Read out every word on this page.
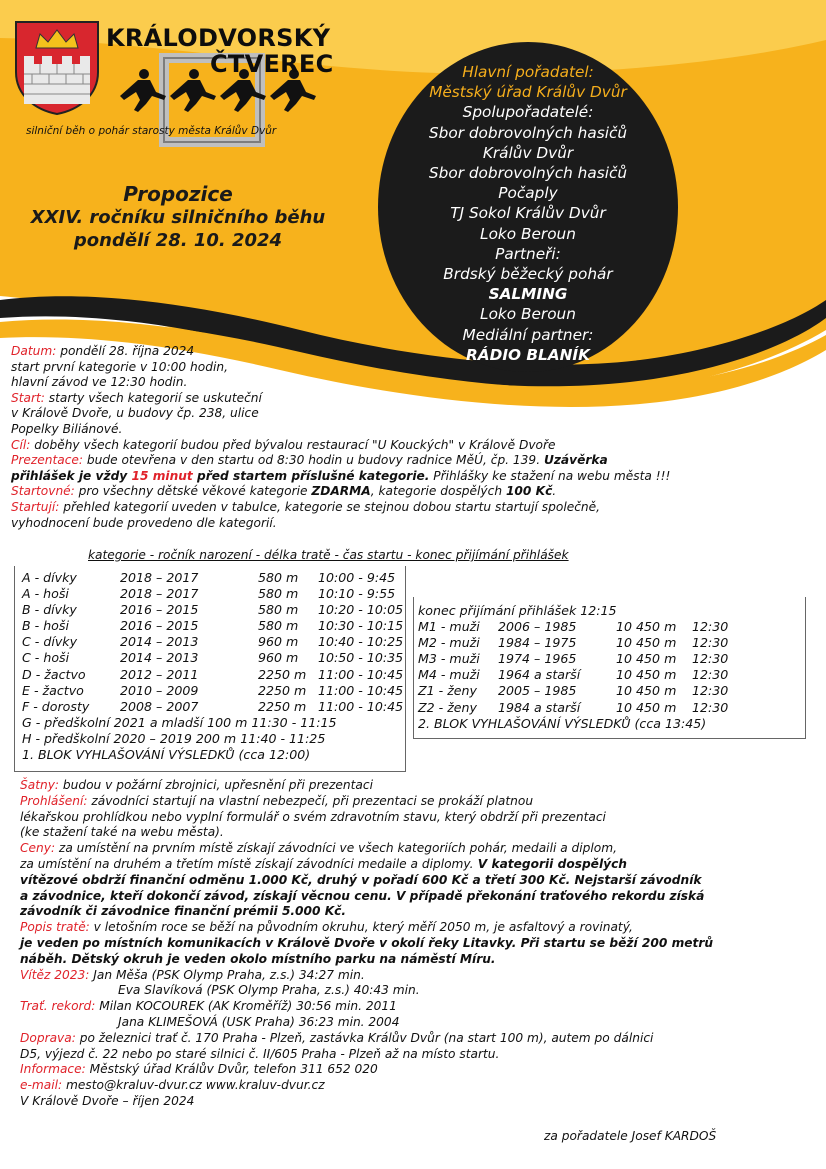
KRÁLODVORSKÝ
ČTVEREC
silniční běh o pohár starosty města Králův Dvůr
Propozice
XXIV. ročníku silničního běhu
pondělí 28. 10. 2024
Hlavní pořadatel:
Městský úřad Králův Dvůr
Spolupořadatelé:
Sbor dobrovolných hasičů
Králův Dvůr
Sbor dobrovolných hasičů
Počaply
TJ Sokol Králův Dvůr
Loko Beroun
Partneři:
Brdský běžecký pohár
SALMING
Loko Beroun
Mediální partner:
RÁDIO BLANÍK
Datum: pondělí 28. října 2024
start první kategorie v 10:00 hodin,
hlavní závod ve 12:30 hodin.
Start: starty všech kategorií se uskuteční
v Králově Dvoře, u budovy čp. 238, ulice
Popelky Biliánové.
Cíl: doběhy všech kategorií budou před bývalou restaurací "U Kouckých" v Králově Dvoře
Prezentace: bude otevřena v den startu od 8:30 hodin u budovy radnice MěÚ, čp. 139. Uzávěrka
přihlášek je vždy 15 minut před startem příslušné kategorie. Přihlášky ke stažení na webu města !!!
Startovné: pro všechny dětské věkové kategorie ZDARMA, kategorie dospělých 100 Kč.
Startují: přehled kategorií uveden v tabulce, kategorie se stejnou dobou startu startují společně,
vyhodnocení bude provedeno dle kategorií.
kategorie - ročník narození - délka tratě - čas startu - konec přijímání přihlášek
A - dívky	2018 – 2017	580 m 10:00 - 9:45
A - hoši	2018 – 2017	580 m 10:10 - 9:55
B - dívky	2016 – 2015	580 m 10:20 - 10:05
B - hoši	2016 – 2015	580 m 10:30 - 10:15
C - dívky	2014 – 2013	960 m 10:40 - 10:25
C - hoši	2014 – 2013	960 m 10:50 - 10:35
D - žactvo	2012 – 2011	2250 m 11:00 - 10:45
E - žactvo	2010 – 2009	2250 m 11:00 - 10:45
F - dorosty 2008 – 2007	2250 m 11:00 - 10:45
G - předškolní 2021 a mladší 100 m 11:30 - 11:15
H - předškolní 2020 – 2019 200 m 11:40 - 11:25
1. BLOK VYHLAŠOVÁNÍ VÝSLEDKŮ (cca 12:00)
konec přijímání přihlášek 12:15
M1 - muži 2006 – 1985	10 450 m 12:30
M2 - muži 1984 – 1975	10 450 m 12:30
M3 - muži 1974 – 1965	10 450 m 12:30
M4 - muži 1964 a starší	10 450 m 12:30
Z1 - ženy 2005 – 1985	10 450 m 12:30
Z2 - ženy 1984 a starší	10 450 m 12:30
2. BLOK VYHLAŠOVÁNÍ VÝSLEDKŮ (cca 13:45)
Šatny: budou v požární zbrojnici, upřesnění při prezentaci
Prohlášení: závodníci startují na vlastní nebezpečí, při prezentaci se prokáží platnou
lékařskou prohlídkou nebo vyplní formulář o svém zdravotním stavu, který obdrží při prezentaci
(ke stažení také na webu města).
Ceny: za umístění na prvním místě získají závodníci ve všech kategoriích pohár, medaili a diplom,
za umístění na druhém a třetím místě získají závodníci medaile a diplomy. V kategorii dospělých
vítězové obdrží finanční odměnu 1.000 Kč, druhý v pořadí 600 Kč a třetí 300 Kč. Nejstarší závodník
a závodnice, kteří dokončí závod, získají věcnou cenu. V případě překonání traťového rekordu získá
závodník či závodnice finanční prémii 5.000 Kč.
Popis tratě: v letošním roce se běží na původním okruhu, který měří 2050 m, je asfaltový a rovinatý,
je veden po místních komunikacích v Králově Dvoře v okolí řeky Litavky. Při startu se běží 200 metrů
náběh. Dětský okruh je veden okolo místního parku na náměstí Míru.
Vítěz 2023: Jan Měša (PSK Olymp Praha, z.s.) 34:27 min.
Eva Slavíková (PSK Olymp Praha, z.s.) 40:43 min.
Trať. rekord: Milan KOCOUREK (AK Kroměříž) 30:56 min. 2011
Jana KLIMEŠOVÁ (USK Praha) 36:23 min. 2004
Doprava: po železnici trať č. 170 Praha - Plzeň, zastávka Králův Dvůr (na start 100 m), autem po dálnici
D5, výjezd č. 22 nebo po staré silnici č. II/605 Praha - Plzeň až na místo startu.
Informace: Městský úřad Králův Dvůr, telefon 311 652 020
e-mail: mesto@kraluv-dvur.cz www.kraluv-dvur.cz
V Králově Dvoře – říjen 2024
za pořadatele Josef KARDOŠ
